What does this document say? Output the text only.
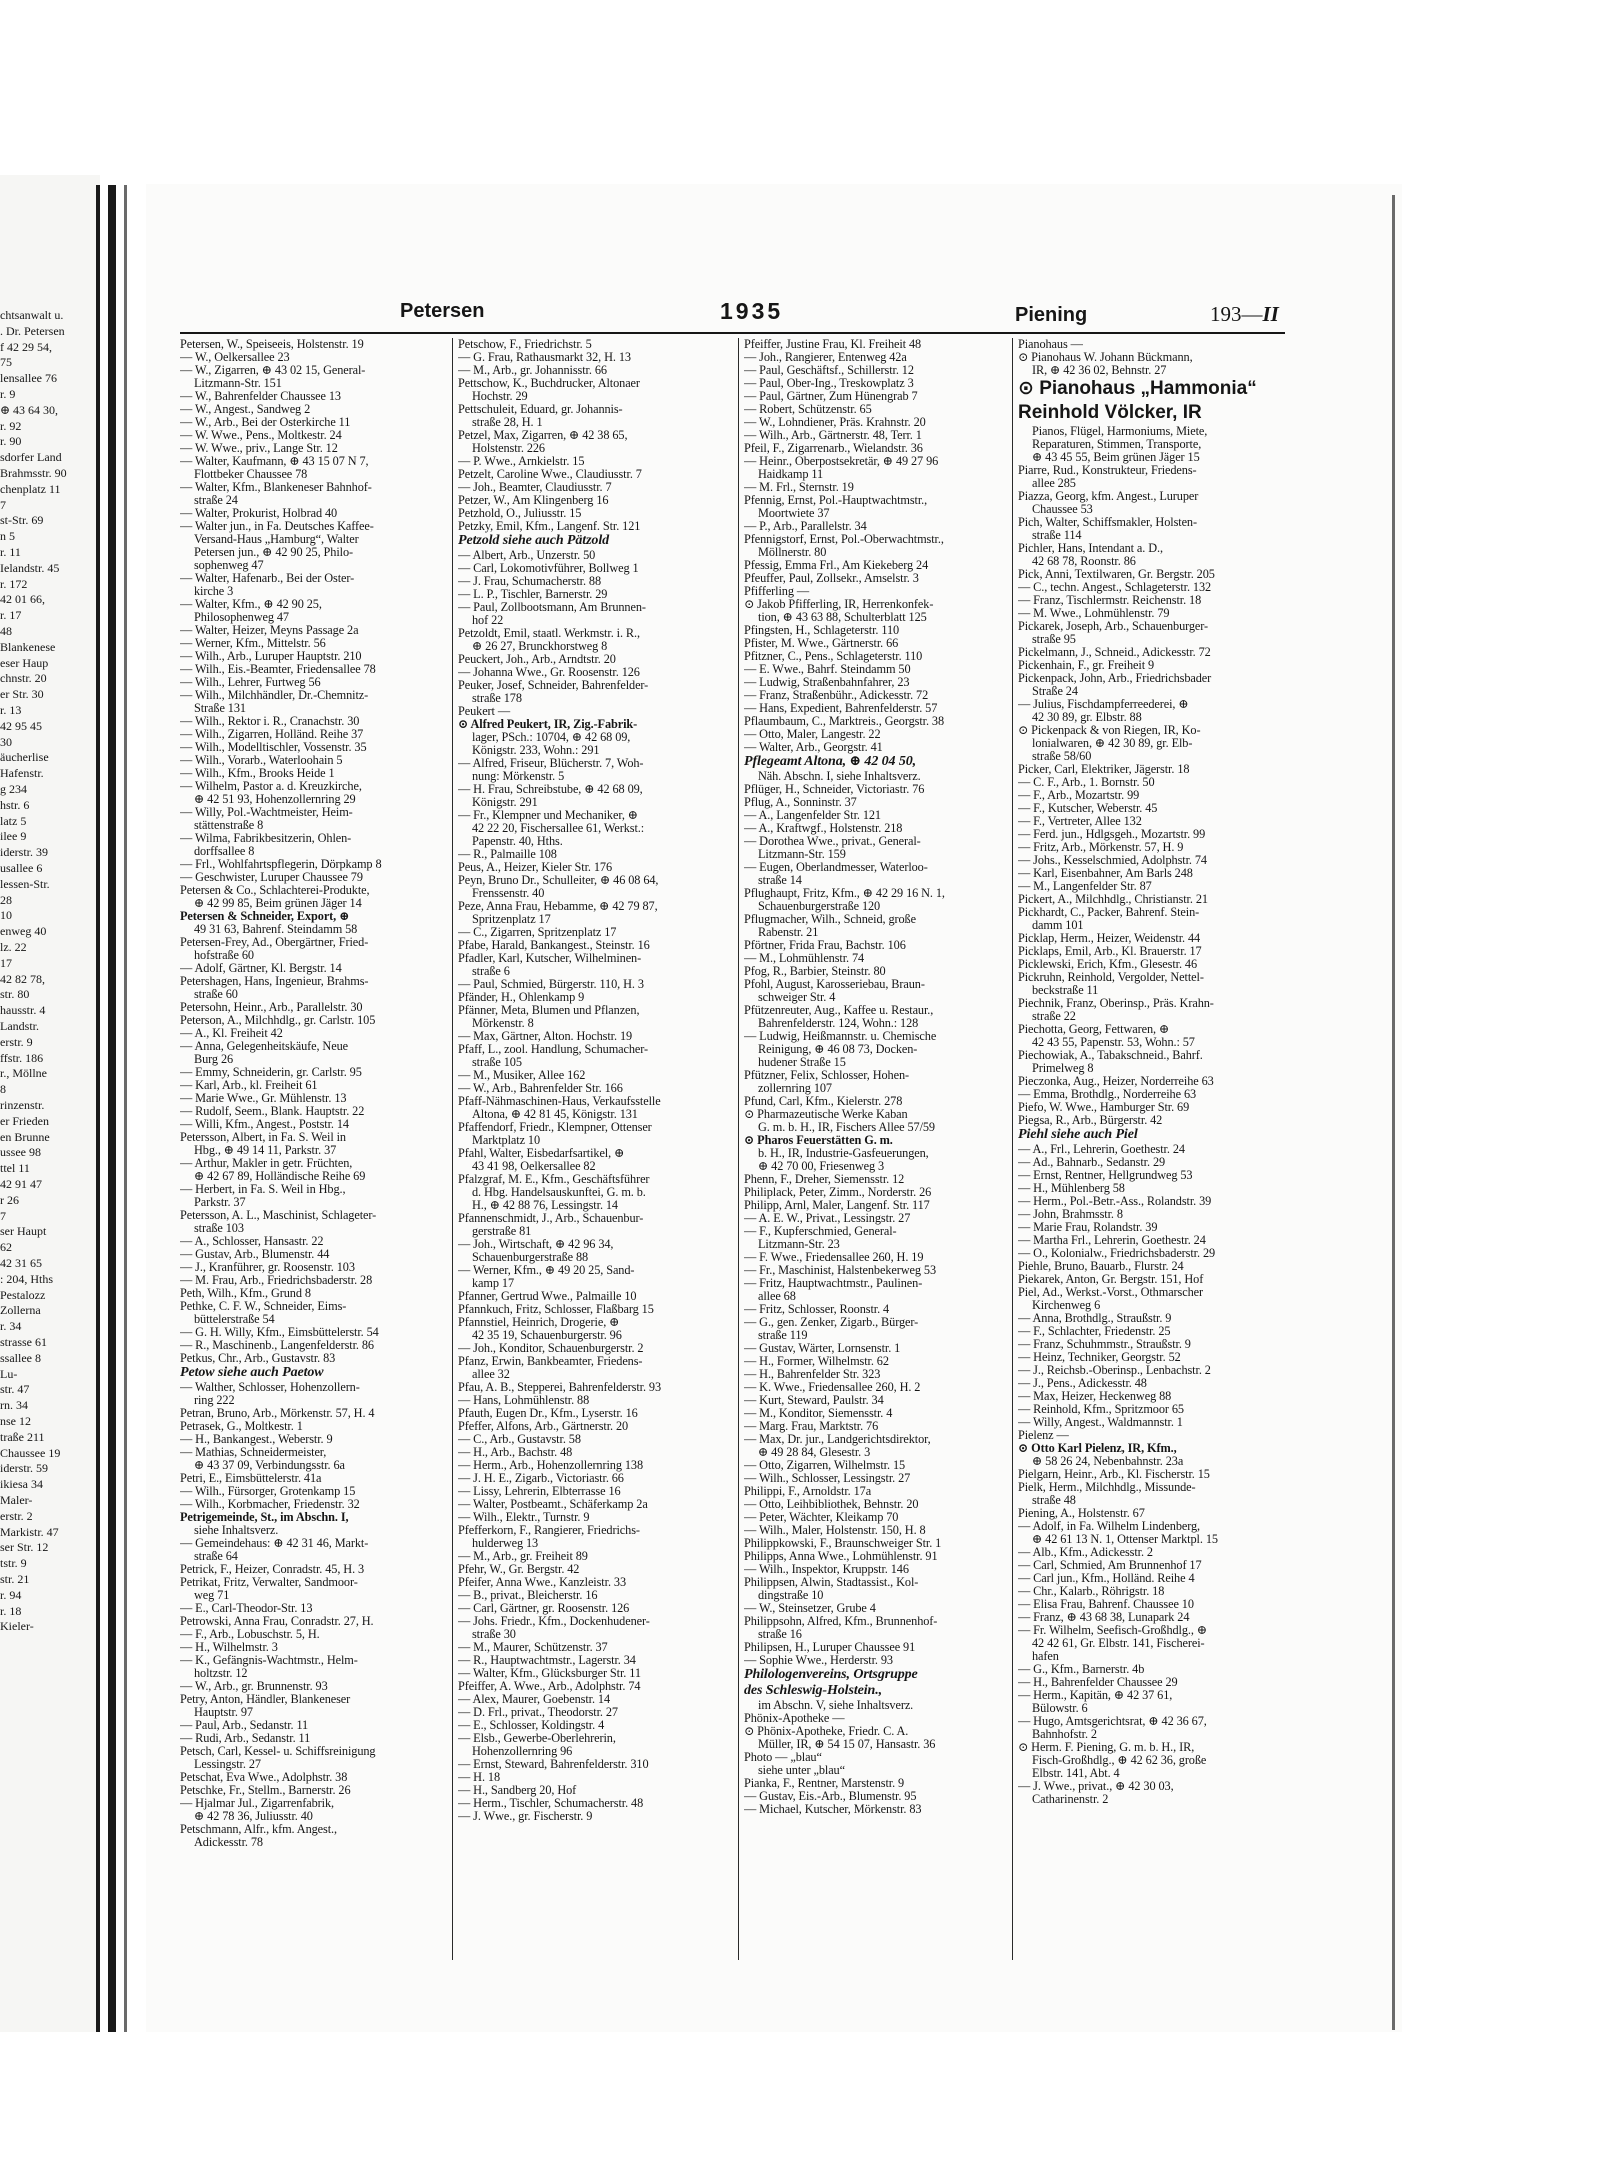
chtsanwalt u.
. Dr. Petersen
f 42 29 54,
75
lensallee 76
r. 9
⊕ 43 64 30,
r. 92
r. 90
sdorfer Land
Brahmsstr. 90
chenplatz 11
7
st-Str. 69
n 5
r. 11
Ielandstr. 45
r. 172
42 01 66,
r. 17
48
Blankenese
eser Haup
chnstr. 20
er Str. 30
r. 13
42 95 45
30
äucherlise
Hafenstr.
g 234
hstr. 6
latz 5
ilee 9
iderstr. 39
usallee 6
lessen-Str.
28
10
enweg 40
lz. 22
17
42 82 78,
str. 80
hausstr. 4
Landstr.
erstr. 9
ffstr. 186
r., Möllne
8
rinzenstr.
er Frieden
en Brunne
ussee 98
ttel 11
42 91 47
r 26
7
ser Haupt
62
42 31 65
: 204, Hths
Pestalozz
Zollerna
r. 34
strasse 61
ssallee 8
Lu-
str. 47
rn. 34
nse 12
traße 211
Chaussee 19
iderstr. 59
ikiesa 34
Maler-
erstr. 2
Markistr. 47
ser Str. 12
tstr. 9
str. 21
r. 94
r. 18
Kieler-
Petersen	1935	Piening	193—II
Petersen, W., Speiseeis, Holstenstr. 19
— W., Oelkersallee 23
— W., Zigarren, ⊕ 43 02 15, General-
Litzmann-Str. 151
— W., Bahrenfelder Chaussee 13
— W., Angest., Sandweg 2
— W., Arb., Bei der Osterkirche 11
— W. Wwe., Pens., Moltkestr. 24
— W. Wwe., priv., Lange Str. 12
— Walter, Kaufmann, ⊕ 43 15 07 N 7,
Flottbeker Chaussee 78
— Walter, Kfm., Blankeneser Bahnhof-
straße 24
— Walter, Prokurist, Holbrad 40
— Walter jun., in Fa. Deutsches Kaffee-
Versand-Haus „Hamburg“, Walter
Petersen jun., ⊕ 42 90 25, Philo-
sophenweg 47
— Walter, Hafenarb., Bei der Oster-
kirche 3
— Walter, Kfm., ⊕ 42 90 25,
Philosophenweg 47
— Walter, Heizer, Meyns Passage 2a
— Werner, Kfm., Mittelstr. 56
— Wilh., Arb., Luruper Hauptstr. 210
— Wilh., Eis.-Beamter, Friedensallee 78
— Wilh., Lehrer, Furtweg 56
— Wilh., Milchhändler, Dr.-Chemnitz-
Straße 131
— Wilh., Rektor i. R., Cranachstr. 30
— Wilh., Zigarren, Holländ. Reihe 37
— Wilh., Modelltischler, Vossenstr. 35
— Wilh., Vorarb., Waterloohain 5
— Wilh., Kfm., Brooks Heide 1
— Wilhelm, Pastor a. d. Kreuzkirche,
⊕ 42 51 93, Hohenzollernring 29
— Willy, Pol.-Wachtmeister, Heim-
stättenstraße 8
— Wilma, Fabrikbesitzerin, Ohlen-
dorffsallee 8
— Frl., Wohlfahrtspflegerin, Dörpkamp 8
— Geschwister, Luruper Chaussee 79
Petersen & Co., Schlachterei-Produkte,
⊕ 42 99 85, Beim grünen Jäger 14
Petersen & Schneider, Export, ⊕
49 31 63, Bahrenf. Steindamm 58
Petersen-Frey, Ad., Obergärtner, Fried-
hofstraße 60
— Adolf, Gärtner, Kl. Bergstr. 14
Petershagen, Hans, Ingenieur, Brahms-
straße 60
Petersohn, Heinr., Arb., Parallelstr. 30
Peterson, A., Milchhdlg., gr. Carlstr. 105
— A., Kl. Freiheit 42
— Anna, Gelegenheitskäufe, Neue
Burg 26
— Emmy, Schneiderin, gr. Carlstr. 95
— Karl, Arb., kl. Freiheit 61
— Marie Wwe., Gr. Mühlenstr. 13
— Rudolf, Seem., Blank. Hauptstr. 22
— Willi, Kfm., Angest., Poststr. 14
Petersson, Albert, in Fa. S. Weil in
Hbg., ⊕ 49 14 11, Parkstr. 37
— Arthur, Makler in getr. Früchten,
⊕ 42 67 89, Holländische Reihe 69
— Herbert, in Fa. S. Weil in Hbg.,
Parkstr. 37
Petersson, A. L., Maschinist, Schlageter-
straße 103
— A., Schlosser, Hansastr. 22
— Gustav, Arb., Blumenstr. 44
— J., Kranführer, gr. Roosenstr. 103
— M. Frau, Arb., Friedrichsbaderstr. 28
Peth, Wilh., Kfm., Grund 8
Pethke, C. F. W., Schneider, Eims-
büttelerstraße 54
— G. H. Willy, Kfm., Eimsbüttelerstr. 54
— R., Maschinenb., Langenfelderstr. 86
Petkus, Chr., Arb., Gustavstr. 83
Petow siehe auch Paetow
— Walther, Schlosser, Hohenzollern-
ring 222
Petran, Bruno, Arb., Mörkenstr. 57, H. 4
Petrasek, G., Moltkestr. 1
— H., Bankangest., Weberstr. 9
— Mathias, Schneidermeister,
⊕ 43 37 09, Verbindungsstr. 6a
Petri, E., Eimsbüttelerstr. 41a
— Wilh., Fürsorger, Grotenkamp 15
— Wilh., Korbmacher, Friedenstr. 32
Petrigemeinde, St., im Abschn. I,
siehe Inhaltsverz.
— Gemeindehaus: ⊕ 42 31 46, Markt-
straße 64
Petrick, F., Heizer, Conradstr. 45, H. 3
Petrikat, Fritz, Verwalter, Sandmoor-
weg 71
— E., Carl-Theodor-Str. 13
Petrowski, Anna Frau, Conradstr. 27, H.
— F., Arb., Lobuschstr. 5, H.
— H., Wilhelmstr. 3
— K., Gefängnis-Wachtmstr., Helm-
holtzstr. 12
— W., Arb., gr. Brunnenstr. 93
Petry, Anton, Händler, Blankeneser
Hauptstr. 97
— Paul, Arb., Sedanstr. 11
— Rudi, Arb., Sedanstr. 11
Petsch, Carl, Kessel- u. Schiffsreinigung
Lessingstr. 27
Petschat, Eva Wwe., Adolphstr. 38
Petschke, Fr., Stellm., Barnerstr. 26
— Hjalmar Jul., Zigarrenfabrik,
⊕ 42 78 36, Juliusstr. 40
Petschmann, Alfr., kfm. Angest.,
Adickesstr. 78
Petschow, F., Friedrichstr. 5
— G. Frau, Rathausmarkt 32, H. 13
— M., Arb., gr. Johannisstr. 66
Pettschow, K., Buchdrucker, Altonaer
Hochstr. 29
Pettschuleit, Eduard, gr. Johannis-
straße 28, H. 1
Petzel, Max, Zigarren, ⊕ 42 38 65,
Holstenstr. 226
— P. Wwe., Arnkielstr. 15
Petzelt, Caroline Wwe., Claudiusstr. 7
— Joh., Beamter, Claudiusstr. 7
Petzer, W., Am Klingenberg 16
Petzhold, O., Juliusstr. 15
Petzky, Emil, Kfm., Langenf. Str. 121
Petzold siehe auch Pätzold
— Albert, Arb., Unzerstr. 50
— Carl, Lokomotivführer, Bollweg 1
— J. Frau, Schumacherstr. 88
— L. P., Tischler, Barnerstr. 29
— Paul, Zollbootsmann, Am Brunnen-
hof 22
Petzoldt, Emil, staatl. Werkmstr. i. R.,
⊕ 26 27, Brunckhorstweg 8
Peuckert, Joh., Arb., Arndtstr. 20
— Johanna Wwe., Gr. Roosenstr. 126
Peuker, Josef, Schneider, Bahrenfelder-
straße 178
Peukert —
⊙ Alfred Peukert, IR, Zig.-Fabrik-
lager, PSch.: 10704, ⊕ 42 68 09,
Königstr. 233, Wohn.: 291
— Alfred, Friseur, Blücherstr. 7, Woh-
nung: Mörkenstr. 5
— H. Frau, Schreibstube, ⊕ 42 68 09,
Königstr. 291
— Fr., Klempner und Mechaniker, ⊕
42 22 20, Fischersallee 61, Werkst.:
Papenstr. 40, Hths.
— R., Palmaille 108
Peus, A., Heizer, Kieler Str. 176
Peyn, Bruno Dr., Schulleiter, ⊕ 46 08 64,
Frenssenstr. 40
Peze, Anna Frau, Hebamme, ⊕ 42 79 87,
Spritzenplatz 17
— C., Zigarren, Spritzenplatz 17
Pfabe, Harald, Bankangest., Steinstr. 16
Pfadler, Karl, Kutscher, Wilhelminen-
straße 6
— Paul, Schmied, Bürgerstr. 110, H. 3
Pfänder, H., Ohlenkamp 9
Pfänner, Meta, Blumen und Pflanzen,
Mörkenstr. 8
— Max, Gärtner, Alton. Hochstr. 19
Pfaff, L., zool. Handlung, Schumacher-
straße 105
— M., Musiker, Allee 162
— W., Arb., Bahrenfelder Str. 166
Pfaff-Nähmaschinen-Haus, Verkaufsstelle
Altona, ⊕ 42 81 45, Königstr. 131
Pfaffendorf, Friedr., Klempner, Ottenser
Marktplatz 10
Pfahl, Walter, Eisbedarfsartikel, ⊕
43 41 98, Oelkersallee 82
Pfalzgraf, M. E., Kfm., Geschäftsführer
d. Hbg. Handelsauskunftei, G. m. b.
H., ⊕ 42 88 76, Lessingstr. 14
Pfannenschmidt, J., Arb., Schauenbur-
gerstraße 81
— Joh., Wirtschaft, ⊕ 42 96 34,
Schauenburgerstraße 88
— Werner, Kfm., ⊕ 49 20 25, Sand-
kamp 17
Pfanner, Gertrud Wwe., Palmaille 10
Pfannkuch, Fritz, Schlosser, Flaßbarg 15
Pfannstiel, Heinrich, Drogerie, ⊕
42 35 19, Schauenburgerstr. 96
— Joh., Konditor, Schauenburgerstr. 2
Pfanz, Erwin, Bankbeamter, Friedens-
allee 32
Pfau, A. B., Stepperei, Bahrenfelderstr. 93
— Hans, Lohmühlenstr. 88
Pfauth, Eugen Dr., Kfm., Lyserstr. 16
Pfeffer, Alfons, Arb., Gärtnerstr. 20
— C., Arb., Gustavstr. 58
— H., Arb., Bachstr. 48
— Herm., Arb., Hohenzollernring 138
— J. H. E., Zigarb., Victoriastr. 66
— Lissy, Lehrerin, Elbterrasse 16
— Walter, Postbeamt., Schäferkamp 2a
— Wilh., Elektr., Turnstr. 9
Pfefferkorn, F., Rangierer, Friedrichs-
hulderweg 13
— M., Arb., gr. Freiheit 89
Pfehr, W., Gr. Bergstr. 42
Pfeifer, Anna Wwe., Kanzleistr. 33
— B., privat., Bleicherstr. 16
— Carl, Gärtner, gr. Roosenstr. 126
— Johs. Friedr., Kfm., Dockenhudener-
straße 30
— M., Maurer, Schützenstr. 37
— R., Hauptwachtmstr., Lagerstr. 34
— Walter, Kfm., Glücksburger Str. 11
Pfeiffer, A. Wwe., Arb., Adolphstr. 74
— Alex, Maurer, Goebenstr. 14
— D. Frl., privat., Theodorstr. 27
— E., Schlosser, Koldingstr. 4
— Elsb., Gewerbe-Oberlehrerin,
Hohenzollernring 96
— Ernst, Steward, Bahrenfelderstr. 310
— H. 18
— H., Sandberg 20, Hof
— Herm., Tischler, Schumacherstr. 48
— J. Wwe., gr. Fischerstr. 9
Pfeiffer, Justine Frau, Kl. Freiheit 48
— Joh., Rangierer, Entenweg 42a
— Paul, Geschäftsf., Schillerstr. 12
— Paul, Ober-Ing., Treskowplatz 3
— Paul, Gärtner, Zum Hünengrab 7
— Robert, Schützenstr. 65
— W., Lohndiener, Präs. Krahnstr. 20
— Wilh., Arb., Gärtnerstr. 48, Terr. 1
Pfeil, F., Zigarrenarb., Wielandstr. 36
— Heinr., Oberpostsekretär, ⊕ 49 27 96
Haidkamp 11
— M. Frl., Sternstr. 19
Pfennig, Ernst, Pol.-Hauptwachtmstr.,
Moortwiete 37
— P., Arb., Parallelstr. 34
Pfennigstorf, Ernst, Pol.-Oberwachtmstr.,
Möllnerstr. 80
Pfessig, Emma Frl., Am Kiekeberg 24
Pfeuffer, Paul, Zollsekr., Amselstr. 3
Pfifferling —
⊙ Jakob Pfifferling, IR, Herrenkonfek-
tion, ⊕ 43 63 88, Schulterblatt 125
Pfingsten, H., Schlageterstr. 110
Pfister, M. Wwe., Gärtnerstr. 66
Pfitzner, C., Pens., Schlageterstr. 110
— E. Wwe., Bahrf. Steindamm 50
— Ludwig, Straßenbahnfahrer, 23
— Franz, Straßenbühr., Adickesstr. 72
— Hans, Expedient, Bahrenfelderstr. 57
Pflaumbaum, C., Marktreis., Georgstr. 38
— Otto, Maler, Langestr. 22
— Walter, Arb., Georgstr. 41
Pflegeamt Altona, ⊕ 42 04 50,
Näh. Abschn. I, siehe Inhaltsverz.
Pflüger, H., Schneider, Victoriastr. 76
Pflug, A., Sonninstr. 37
— A., Langenfelder Str. 121
— A., Kraftwgf., Holstenstr. 218
— Dorothea Wwe., privat., General-
Litzmann-Str. 159
— Eugen, Oberlandmesser, Waterloo-
straße 14
Pflughaupt, Fritz, Kfm., ⊕ 42 29 16 N. 1,
Schauenburgerstraße 120
Pflugmacher, Wilh., Schneid, große
Rabenstr. 21
Pförtner, Frida Frau, Bachstr. 106
— M., Lohmühlenstr. 74
Pfog, R., Barbier, Steinstr. 80
Pfohl, August, Karosseriebau, Braun-
schweiger Str. 4
Pfützenreuter, Aug., Kaffee u. Restaur.,
Bahrenfelderstr. 124, Wohn.: 128
— Ludwig, Heißmannstr. u. Chemische
Reinigung, ⊕ 46 08 73, Docken-
hudener Straße 15
Pfützner, Felix, Schlosser, Hohen-
zollernring 107
Pfund, Carl, Kfm., Kielerstr. 278
⊙ Pharmazeutische Werke Kaban
G. m. b. H., IR, Fischers Allee 57/59
⊙ Pharos Feuerstätten G. m.
b. H., IR, Industrie-Gasfeuerungen,
⊕ 42 70 00, Friesenweg 3
Phenn, F., Dreher, Siemensstr. 12
Philiplack, Peter, Zimm., Norderstr. 26
Philipp, Arnl, Maler, Langenf. Str. 117
— A. E. W., Privat., Lessingstr. 27
— F., Kupferschmied, General-
Litzmann-Str. 23
— F. Wwe., Friedensallee 260, H. 19
— Fr., Maschinist, Halstenbekerweg 53
— Fritz, Hauptwachtmstr., Paulinen-
allee 68
— Fritz, Schlosser, Roonstr. 4
— G., gen. Zenker, Zigarb., Bürger-
straße 119
— Gustav, Wärter, Lornsenstr. 1
— H., Former, Wilhelmstr. 62
— H., Bahrenfelder Str. 323
— K. Wwe., Friedensallee 260, H. 2
— Kurt, Steward, Paulstr. 34
— M., Konditor, Siemensstr. 4
— Marg. Frau, Marktstr. 76
— Max, Dr. jur., Landgerichtsdirektor,
⊕ 49 28 84, Glesestr. 3
— Otto, Zigarren, Wilhelmstr. 15
— Wilh., Schlosser, Lessingstr. 27
Philippi, F., Arnoldstr. 17a
— Otto, Leihbibliothek, Behnstr. 20
— Peter, Wächter, Kleikamp 70
— Wilh., Maler, Holstenstr. 150, H. 8
Philippkowski, F., Braunschweiger Str. 1
Philipps, Anna Wwe., Lohmühlenstr. 91
— Wilh., Inspektor, Kruppstr. 146
Philippsen, Alwin, Stadtassist., Kol-
dingstraße 10
— W., Steinsetzer, Grube 4
Philippsohn, Alfred, Kfm., Brunnenhof-
straße 16
Philipsen, H., Luruper Chaussee 91
— Sophie Wwe., Herderstr. 93
Philologenvereins, Ortsgruppe
des Schleswig-Holstein.,
im Abschn. V, siehe Inhaltsverz.
Phönix-Apotheke —
⊙ Phönix-Apotheke, Friedr. C. A.
Müller, IR, ⊕ 54 15 07, Hansastr. 36
Photo — „blau“
siehe unter „blau“
Pianka, F., Rentner, Marstenstr. 9
— Gustav, Eis.-Arb., Blumenstr. 95
— Michael, Kutscher, Mörkenstr. 83
Pianohaus —
⊙ Pianohaus W. Johann Bückmann,
IR, ⊕ 42 36 02, Behnstr. 27
⊙ Pianohaus „Hammonia“
Reinhold Völcker, IR
Pianos, Flügel, Harmoniums, Miete,
Reparaturen, Stimmen, Transporte,
⊕ 43 45 55, Beim grünen Jäger 15
Piarre, Rud., Konstrukteur, Friedens-
allee 285
Piazza, Georg, kfm. Angest., Luruper
Chaussee 53
Pich, Walter, Schiffsmakler, Holsten-
straße 114
Pichler, Hans, Intendant a. D.,
42 68 78, Roonstr. 86
Pick, Anni, Textilwaren, Gr. Bergstr. 205
— C., techn. Angest., Schlageterstr. 132
— Franz, Tischlermstr. Reichenstr. 18
— M. Wwe., Lohmühlenstr. 79
Pickarek, Joseph, Arb., Schauenburger-
straße 95
Pickelmann, J., Schneid., Adickesstr. 72
Pickenhain, F., gr. Freiheit 9
Pickenpack, John, Arb., Friedrichsbader
Straße 24
— Julius, Fischdampferreederei, ⊕
42 30 89, gr. Elbstr. 88
⊙ Pickenpack & von Riegen, IR, Ko-
lonialwaren, ⊕ 42 30 89, gr. Elb-
straße 58/60
Picker, Carl, Elektriker, Jägerstr. 18
— C. F., Arb., 1. Bornstr. 50
— F., Arb., Mozartstr. 99
— F., Kutscher, Weberstr. 45
— F., Vertreter, Allee 132
— Ferd. jun., Hdlgsgeh., Mozartstr. 99
— Fritz, Arb., Mörkenstr. 57, H. 9
— Johs., Kesselschmied, Adolphstr. 74
— Karl, Eisenbahner, Am Barls 248
— M., Langenfelder Str. 87
Pickert, A., Milchhdlg., Christianstr. 21
Pickhardt, C., Packer, Bahrenf. Stein-
damm 101
Picklap, Herm., Heizer, Weidenstr. 44
Picklaps, Emil, Arb., Kl. Brauerstr. 17
Picklewski, Erich, Kfm., Glesestr. 46
Pickruhn, Reinhold, Vergolder, Nettel-
beckstraße 11
Piechnik, Franz, Oberinsp., Präs. Krahn-
straße 22
Piechotta, Georg, Fettwaren, ⊕
42 43 55, Papenstr. 53, Wohn.: 57
Piechowiak, A., Tabakschneid., Bahrf.
Primelweg 8
Pieczonka, Aug., Heizer, Norderreihe 63
— Emma, Brothdlg., Norderreihe 63
Piefo, W. Wwe., Hamburger Str. 69
Piegsa, R., Arb., Bürgerstr. 42
Piehl siehe auch Piel
— A., Frl., Lehrerin, Goethestr. 24
— Ad., Bahnarb., Sedanstr. 29
— Ernst, Rentner, Hellgrundweg 53
— H., Mühlenberg 58
— Herm., Pol.-Betr.-Ass., Rolandstr. 39
— John, Brahmsstr. 8
— Marie Frau, Rolandstr. 39
— Martha Frl., Lehrerin, Goethestr. 24
— O., Kolonialw., Friedrichsbaderstr. 29
Piehle, Bruno, Bauarb., Flurstr. 24
Piekarek, Anton, Gr. Bergstr. 151, Hof
Piel, Ad., Werkst.-Vorst., Othmarscher
Kirchenweg 6
— Anna, Brothdlg., Straußstr. 9
— F., Schlachter, Friedenstr. 25
— Franz, Schuhmmstr., Straußstr. 9
— Heinz, Techniker, Georgstr. 52
— J., Reichsb.-Oberinsp., Lenbachstr. 2
— J., Pens., Adickesstr. 48
— Max, Heizer, Heckenweg 88
— Reinhold, Kfm., Spritzmoor 65
— Willy, Angest., Waldmannstr. 1
Pielenz —
⊙ Otto Karl Pielenz, IR, Kfm.,
⊕ 58 26 24, Nebenbahnstr. 23a
Pielgarn, Heinr., Arb., Kl. Fischerstr. 15
Pielk, Herm., Milchhdlg., Missunde-
straße 48
Piening, A., Holstenstr. 67
— Adolf, in Fa. Wilhelm Lindenberg,
⊕ 42 61 13 N. 1, Ottenser Marktpl. 15
— Alb., Kfm., Adickesstr. 2
— Carl, Schmied, Am Brunnenhof 17
— Carl jun., Kfm., Holländ. Reihe 4
— Chr., Kalarb., Röhrigstr. 18
— Elisa Frau, Bahrenf. Chaussee 10
— Franz, ⊕ 43 68 38, Lunapark 24
— Fr. Wilhelm, Seefisch-Großhdlg., ⊕
42 42 61, Gr. Elbstr. 141, Fischerei-
hafen
— G., Kfm., Barnerstr. 4b
— H., Bahrenfelder Chaussee 29
— Herm., Kapitän, ⊕ 42 37 61,
Bülowstr. 6
— Hugo, Amtsgerichtsrat, ⊕ 42 36 67,
Bahnhofstr. 2
⊙ Herm. F. Piening, G. m. b. H., IR,
Fisch-Großhdlg., ⊕ 42 62 36, große
Elbstr. 141, Abt. 4
— J. Wwe., privat., ⊕ 42 30 03,
Catharinenstr. 2
